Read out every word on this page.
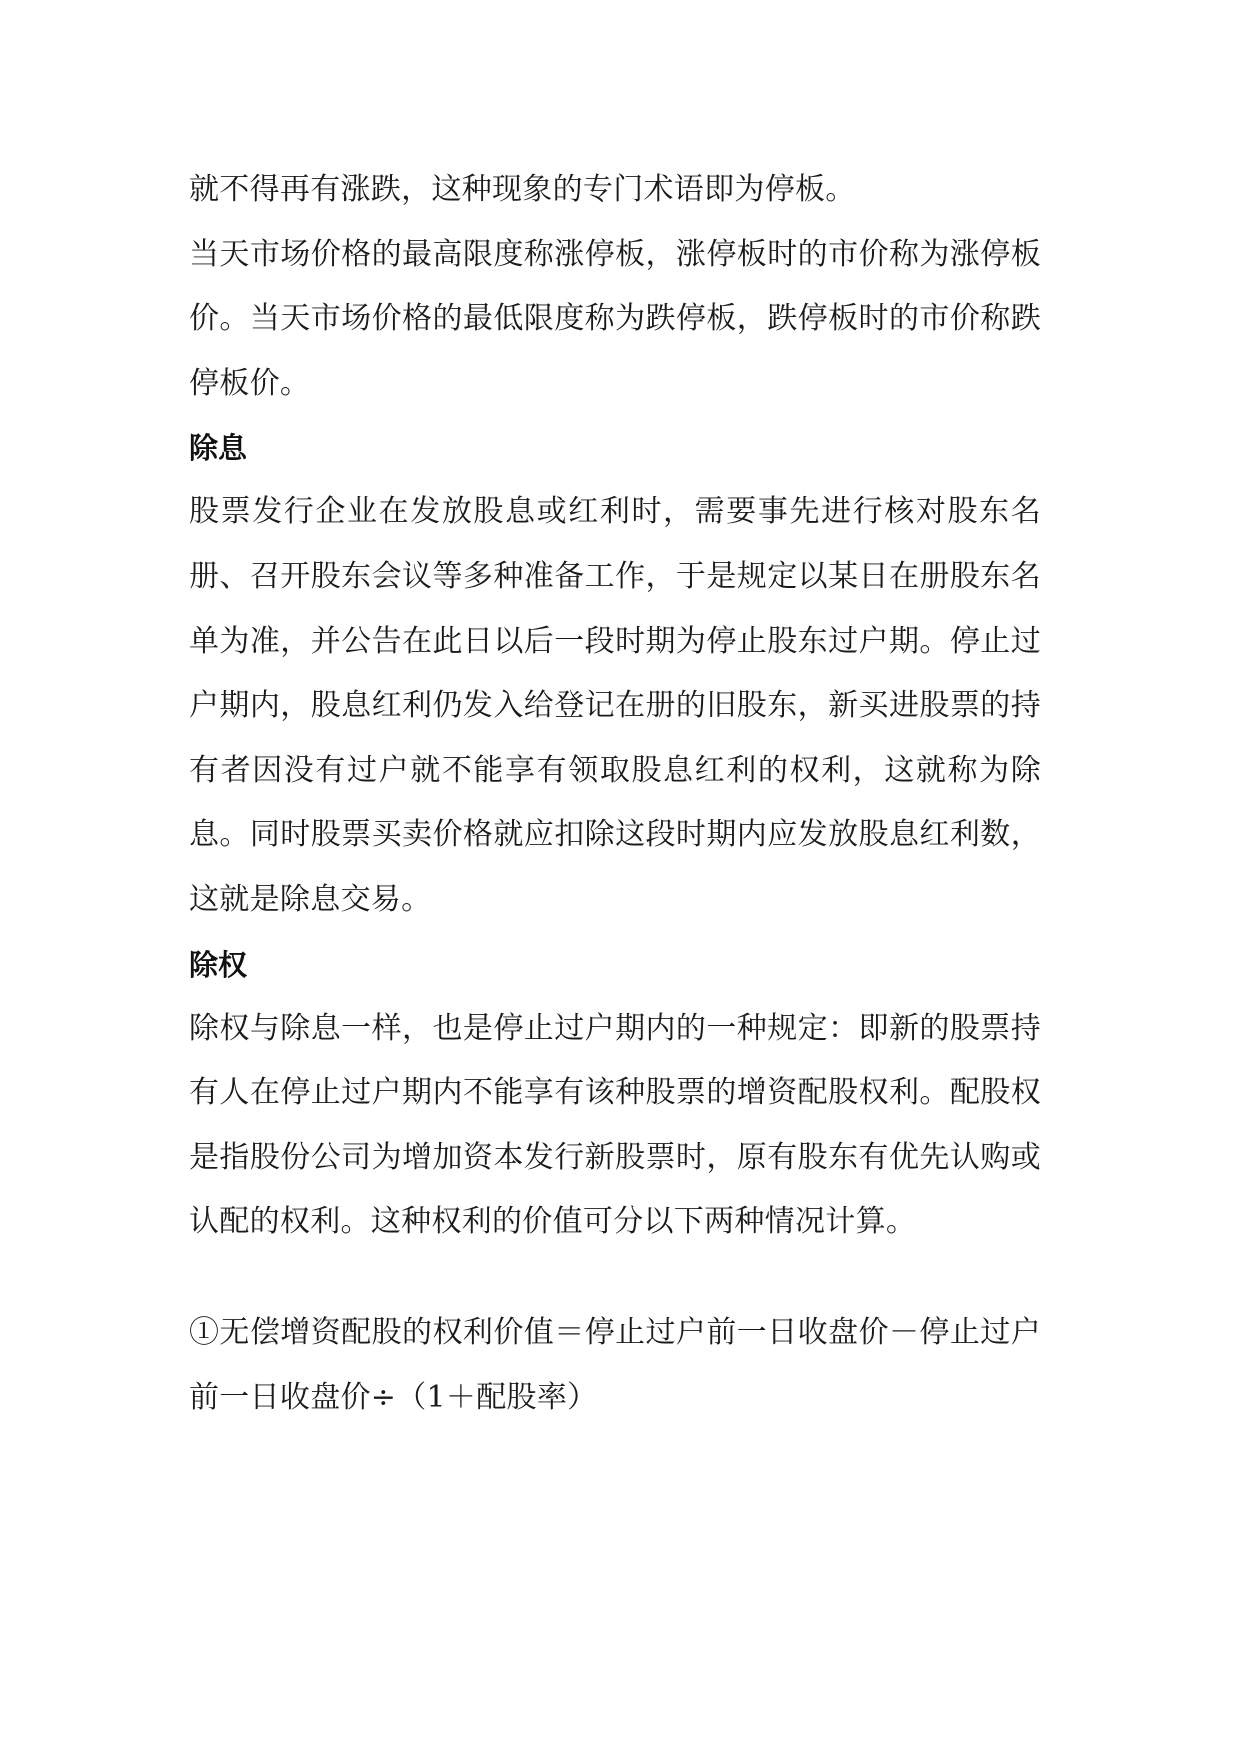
就不得再有涨跌，这种现象的专门术语即为停板。

当天市场价格的最高限度称涨停板，涨停板时的市价称为涨停板价。当天市场价格的最低限度称为跌停板，跌停板时的市价称跌停板价。

除息

股票发行企业在发放股息或红利时，需要事先进行核对股东名册、召开股东会议等多种准备工作，于是规定以某日在册股东名单为准，并公告在此日以后一段时期为停止股东过户期。停止过户期内，股息红利仍发入给登记在册的旧股东，新买进股票的持有者因没有过户就不能享有领取股息红利的权利，这就称为除息。同时股票买卖价格就应扣除这段时期内应发放股息红利数，这就是除息交易。

除权

除权与除息一样，也是停止过户期内的一种规定：即新的股票持有人在停止过户期内不能享有该种股票的增资配股权利。配股权是指股份公司为增加资本发行新股票时，原有股东有优先认购或认配的权利。这种权利的价值可分以下两种情况计算。

①无偿增资配股的权利价值＝停止过户前一日收盘价－停止过户前一日收盘价÷（1＋配股率）
